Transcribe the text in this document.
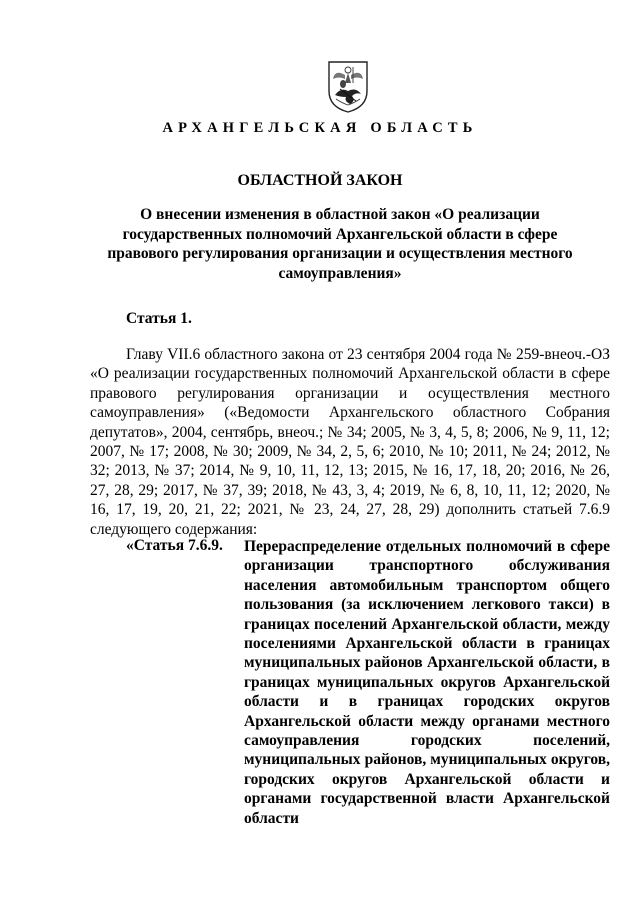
АРХАНГЕЛЬСКАЯ ОБЛАСТЬ
ОБЛАСТНОЙ ЗАКОН
О внесении изменения в областной закон «О реализации государственных полномочий Архангельской области в сфере правового регулирования организации и осуществления местного самоуправления»
Статья 1.

Главу VII.6 областного закона от 23 сентября 2004 года № 259-внеоч.-ОЗ «О реализации государственных полномочий Архангельской области в сфере правового регулирования организации и осуществления местного самоуправления» («Ведомости Архангельского областного Собрания депутатов», 2004, сентябрь, внеоч.; № 34; 2005, № 3, 4, 5, 8; 2006, № 9, 11, 12; 2007, № 17; 2008, № 30; 2009, № 34, 2, 5, 6; 2010, № 10; 2011, № 24; 2012, № 32; 2013, № 37; 2014, № 9, 10, 11, 12, 13; 2015, № 16, 17, 18, 20; 2016, № 26, 27, 28, 29; 2017, № 37, 39; 2018, № 43, 3, 4; 2019, № 6, 8, 10, 11, 12; 2020, № 16, 17, 19, 20, 21, 22; 2021, № 23, 24, 27, 28, 29) дополнить статьей 7.6.9 следующего содержания:

«Статья 7.6.9. Перераспределение отдельных полномочий в сфере организации транспортного обслуживания населения автомобильным транспортом общего пользования (за исключением легкового такси) в границах поселений Архангельской области, между поселениями Архангельской области в границах муниципальных районов Архангельской области, в границах муниципальных округов Архангельской области и в границах городских округов Архангельской области между органами местного самоуправления городских поселений, муниципальных районов, муниципальных округов, городских округов Архангельской области и органами государственной власти Архангельской области
